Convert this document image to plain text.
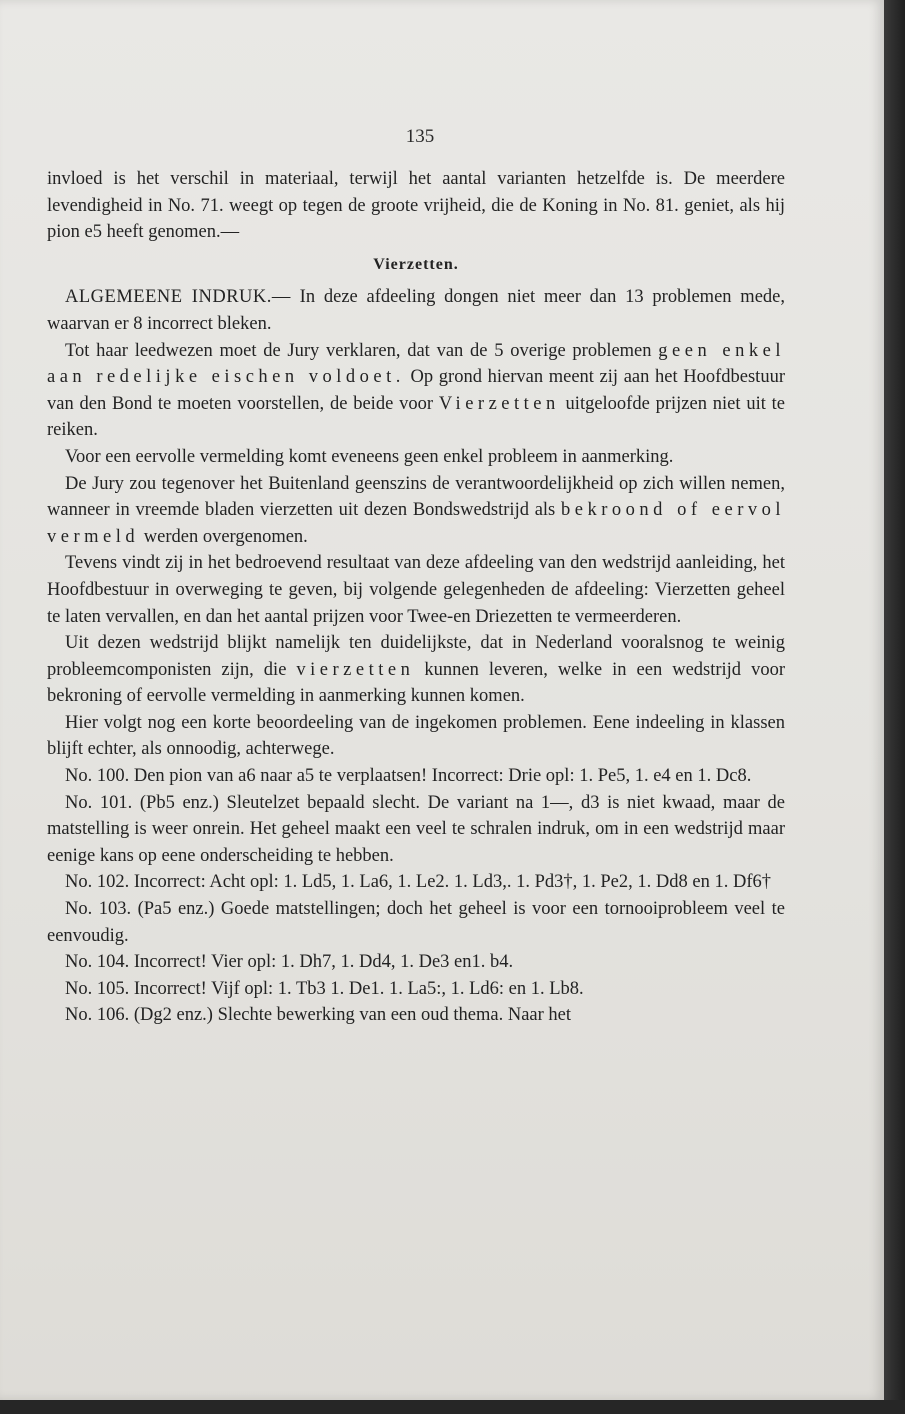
135

invloed is het verschil in materiaal, terwijl het aantal varianten hetzelfde is. De meerdere levendigheid in No. 71. weegt op tegen de groote vrijheid, die de Koning in No. 81. geniet, als hij pion e5 heeft genomen.—

Vierzetten.

ALGEMEENE INDRUK.— In deze afdeeling dongen niet meer dan 13 problemen mede, waarvan er 8 incorrect bleken.

Tot haar leedwezen moet de Jury verklaren, dat van de 5 overige problemen geen enkel aan redelijke eischen voldoet. Op grond hiervan meent zij aan het Hoofdbestuur van den Bond te moeten voorstellen, de beide voor Vierzetten uitgeloofde prijzen niet uit te reiken.

Voor een eervolle vermelding komt eveneens geen enkel probleem in aanmerking.

De Jury zou tegenover het Buitenland geenszins de verantwoordelijkheid op zich willen nemen, wanneer in vreemde bladen vierzetten uit dezen Bondswedstrijd als bekroond of eervol vermeld werden overgenomen.

Tevens vindt zij in het bedroevend resultaat van deze afdeeling van den wedstrijd aanleiding, het Hoofdbestuur in overweging te geven, bij volgende gelegenheden de afdeeling: Vierzetten geheel te laten vervallen, en dan het aantal prijzen voor Twee-en Driezetten te vermeerderen.

Uit dezen wedstrijd blijkt namelijk ten duidelijkste, dat in Nederland vooralsnog te weinig probleemcomponisten zijn, die vierzetten kunnen leveren, welke in een wedstrijd voor bekroning of eervolle vermelding in aanmerking kunnen komen.

Hier volgt nog een korte beoordeeling van de ingekomen problemen. Eene indeeling in klassen blijft echter, als onnoodig, achterwege.

No. 100. Den pion van a6 naar a5 te verplaatsen! Incorrect: Drie opl: 1. Pe5, 1. e4 en 1. Dc8.

No. 101. (Pb5 enz.) Sleutelzet bepaald slecht. De variant na 1—, d3 is niet kwaad, maar de matstelling is weer onrein. Het geheel maakt een veel te schralen indruk, om in een wedstrijd maar eenige kans op eene onderscheiding te hebben.

No. 102. Incorrect: Acht opl: 1. Ld5, 1. La6, 1. Le2. 1. Ld3,. 1. Pd3†, 1. Pe2, 1. Dd8 en 1. Df6†

No. 103. (Pa5 enz.) Goede matstellingen; doch het geheel is voor een tornooiprobleem veel te eenvoudig.

No. 104. Incorrect! Vier opl: 1. Dh7, 1. Dd4, 1. De3 en1. b4.

No. 105. Incorrect! Vijf opl: 1. Tb3 1. De1. 1. La5:, 1. Ld6: en 1. Lb8.

No. 106. (Dg2 enz.) Slechte bewerking van een oud thema. Naar het
